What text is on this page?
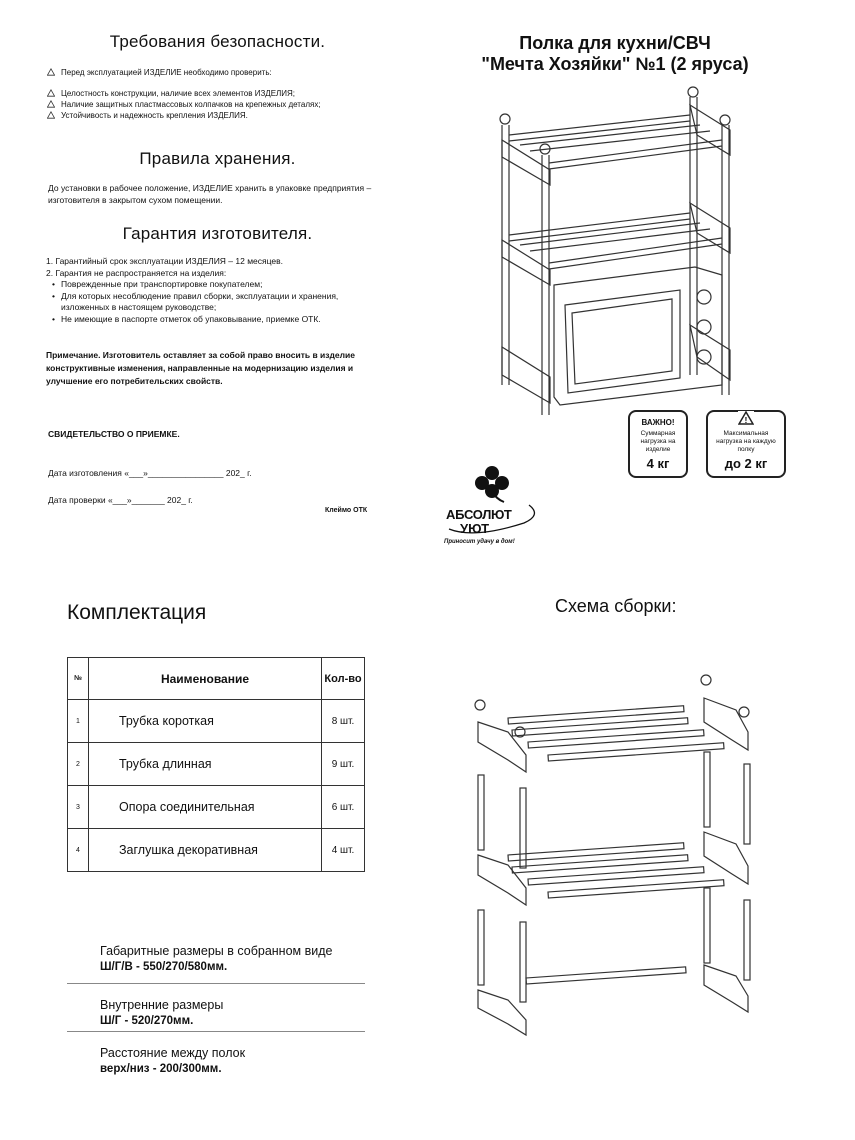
Требования безопасности.
Перед эксплуатацией ИЗДЕЛИЕ необходимо проверить:
Целостность конструкции, наличие всех элементов ИЗДЕЛИЯ;
Наличие защитных пластмассовых колпачков на крепежных деталях;
Устойчивость и надежность крепления ИЗДЕЛИЯ.
Правила хранения.
До установки в рабочее положение, ИЗДЕЛИЕ хранить в упаковке предприятия – изготовителя в закрытом сухом помещении.
Гарантия изготовителя.
1. Гарантийный срок эксплуатации ИЗДЕЛИЯ – 12 месяцев.
2. Гарантия не распространяется на изделия:
• Поврежденные при транспортировке покупателем;
• Для которых несоблюдение правил сборки, эксплуатации и хранения, изложенных в настоящем руководстве;
• Не имеющие в паспорте отметок об упаковывание, приемке ОТК.
Примечание. Изготовитель оставляет за собой право вносить в изделие конструктивные изменения, направленные на модернизацию изделия и улучшение его потребительских свойств.
СВИДЕТЕЛЬСТВО О ПРИЕМКЕ.
Дата изготовления «___»________________ 202_ г.
Дата проверки «___»_______ 202_ г.
Клеймо ОТК
Полка для кухни/СВЧ
"Мечта Хозяйки" №1 (2 яруса)
ВАЖНО!
Суммарная нагрузка на изделие
4 кг
!
Максимальная нагрузка на каждую полку
до 2 кг
АБСОЛЮТ
УЮТ
Приносит удачу в дом!
Комплектация
№	Наименование	Кол-во
1	Трубка короткая	8 шт.
2	Трубка длинная	9 шт.
3	Опора соединительная	6 шт.
4	Заглушка декоративная	4 шт.
Габаритные размеры в собранном виде
Ш/Г/В - 550/270/580мм.
Внутренние размеры
Ш/Г - 520/270мм.
Расстояние между полок
верх/низ - 200/300мм.
Схема сборки:
